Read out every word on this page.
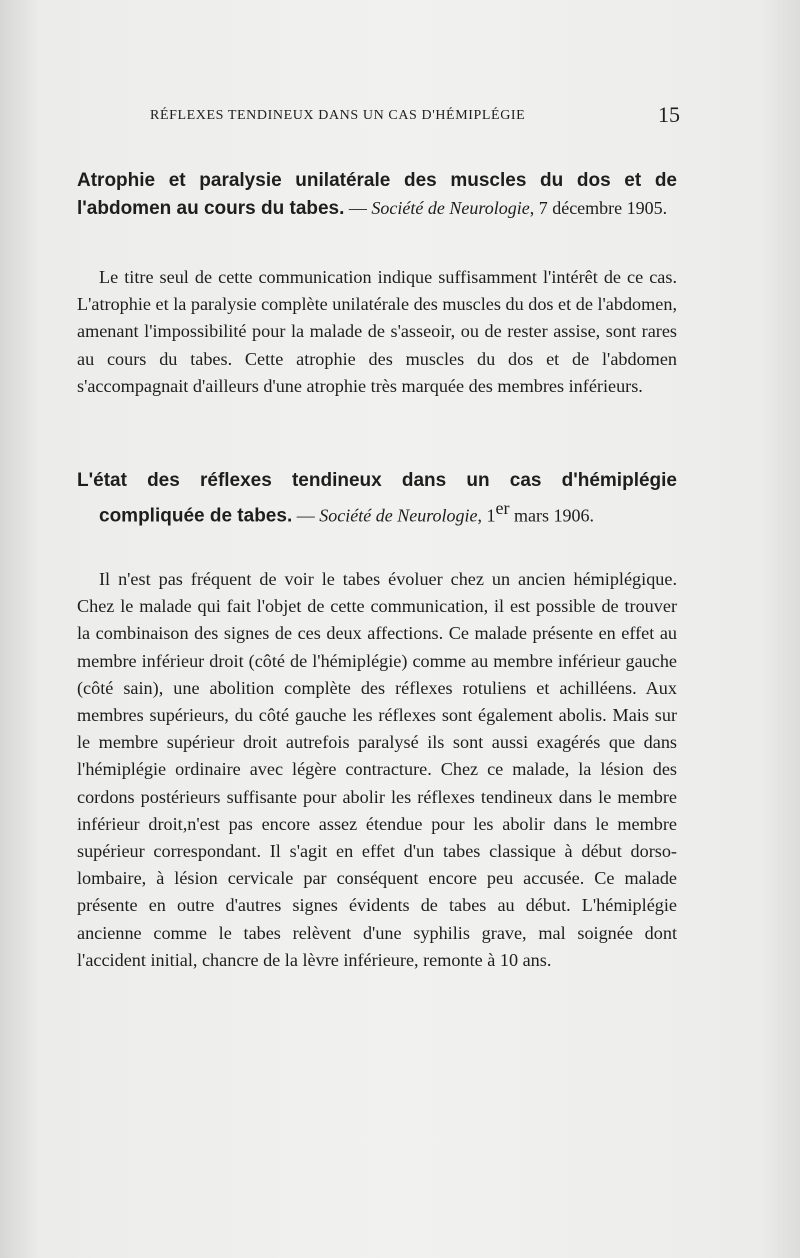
RÉFLEXES TENDINEUX DANS UN CAS D'HÉMIPLÉGIE	15

Atrophie et paralysie unilatérale des muscles du dos et de l'abdomen au cours du tabes. — Société de Neurologie, 7 décembre 1905.

Le titre seul de cette communication indique suffisamment l'intérêt de ce cas. L'atrophie et la paralysie complète unilatérale des muscles du dos et de l'abdomen, amenant l'impossibilité pour la malade de s'asseoir, ou de rester assise, sont rares au cours du tabes. Cette atrophie des muscles du dos et de l'abdomen s'accompagnait d'ailleurs d'une atrophie très marquée des membres inférieurs.

L'état des réflexes tendineux dans un cas d'hémiplégie compliquée de tabes. — Société de Neurologie, 1er mars 1906.

Il n'est pas fréquent de voir le tabes évoluer chez un ancien hémiplégique. Chez le malade qui fait l'objet de cette communication, il est possible de trouver la combinaison des signes de ces deux affections. Ce malade présente en effet au membre inférieur droit (côté de l'hémiplégie) comme au membre inférieur gauche (côté sain), une abolition complète des réflexes rotuliens et achilléens. Aux membres supérieurs, du côté gauche les réflexes sont également abolis. Mais sur le membre supérieur droit autrefois paralysé ils sont aussi exagérés que dans l'hémiplégie ordinaire avec légère contracture. Chez ce malade, la lésion des cordons postérieurs suffisante pour abolir les réflexes tendineux dans le membre inférieur droit,n'est pas encore assez étendue pour les abolir dans le membre supérieur correspondant. Il s'agit en effet d'un tabes classique à début dorso-lombaire, à lésion cervicale par conséquent encore peu accusée. Ce malade présente en outre d'autres signes évidents de tabes au début. L'hémiplégie ancienne comme le tabes relèvent d'une syphilis grave, mal soignée dont l'accident initial, chancre de la lèvre inférieure, remonte à 10 ans.
